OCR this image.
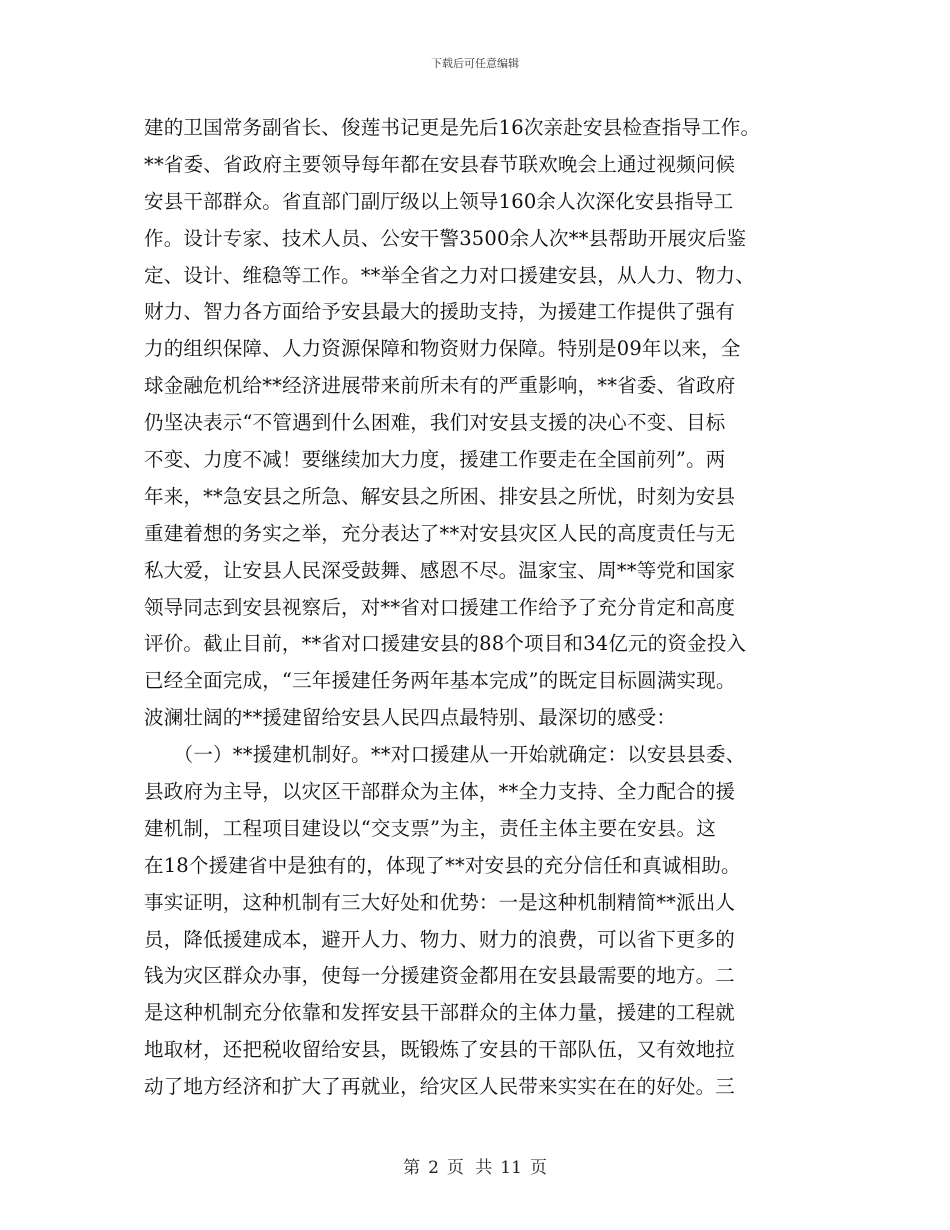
下载后可任意编辑
建的卫国常务副省长、俊莲书记更是先后16次亲赴安县检查指导工作。
**省委、省政府主要领导每年都在安县春节联欢晚会上通过视频问候
安县干部群众。省直部门副厅级以上领导160余人次深化安县指导工
作。设计专家、技术人员、公安干警3500余人次**县帮助开展灾后鉴
定、设计、维稳等工作。**举全省之力对口援建安县，从人力、物力、
财力、智力各方面给予安县最大的援助支持，为援建工作提供了强有
力的组织保障、人力资源保障和物资财力保障。特别是09年以来，全
球金融危机给**经济进展带来前所未有的严重影响，**省委、省政府
仍坚决表示“不管遇到什么困难，我们对安县支援的决心不变、目标
不变、力度不减！要继续加大力度，援建工作要走在全国前列”。两
年来，**急安县之所急、解安县之所困、排安县之所忧，时刻为安县
重建着想的务实之举，充分表达了**对安县灾区人民的高度责任与无
私大爱，让安县人民深受鼓舞、感恩不尽。温家宝、周**等党和国家
领导同志到安县视察后，对**省对口援建工作给予了充分肯定和高度
评价。截止目前，**省对口援建安县的88个项目和34亿元的资金投入
已经全面完成，“三年援建任务两年基本完成”的既定目标圆满实现。
波澜壮阔的**援建留给安县人民四点最特别、最深切的感受：
　　（一）**援建机制好。**对口援建从一开始就确定：以安县县委、
县政府为主导，以灾区干部群众为主体，**全力支持、全力配合的援
建机制，工程项目建设以“交支票”为主，责任主体主要在安县。这
在18个援建省中是独有的，体现了**对安县的充分信任和真诚相助。
事实证明，这种机制有三大好处和优势：一是这种机制精简**派出人
员，降低援建成本，避开人力、物力、财力的浪费，可以省下更多的
钱为灾区群众办事，使每一分援建资金都用在安县最需要的地方。二
是这种机制充分依靠和发挥安县干部群众的主体力量，援建的工程就
地取材，还把税收留给安县，既锻炼了安县的干部队伍，又有效地拉
动了地方经济和扩大了再就业，给灾区人民带来实实在在的好处。三
第 2 页 共 11 页
